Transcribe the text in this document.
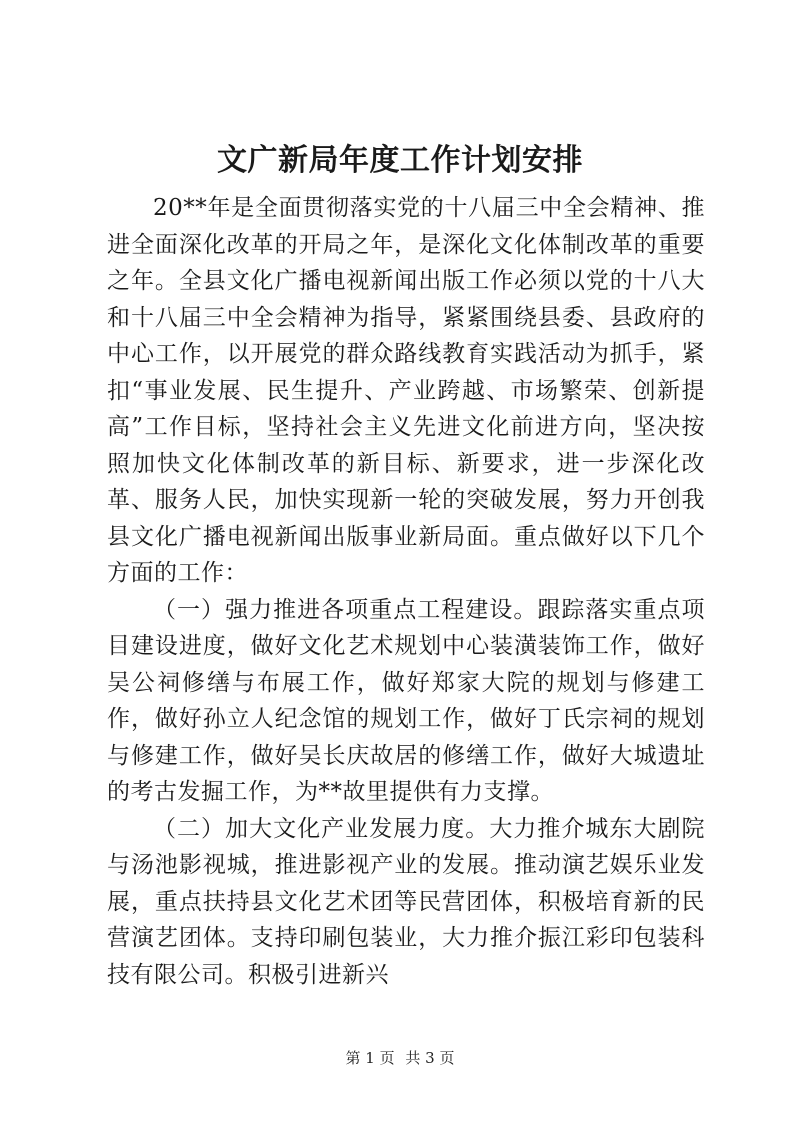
文广新局年度工作计划安排

20**年是全面贯彻落实党的十八届三中全会精神、推进全面深化改革的开局之年，是深化文化体制改革的重要之年。全县文化广播电视新闻出版工作必须以党的十八大和十八届三中全会精神为指导，紧紧围绕县委、县政府的中心工作，以开展党的群众路线教育实践活动为抓手，紧扣“事业发展、民生提升、产业跨越、市场繁荣、创新提高”工作目标，坚持社会主义先进文化前进方向，坚决按照加快文化体制改革的新目标、新要求，进一步深化改革、服务人民，加快实现新一轮的突破发展，努力开创我县文化广播电视新闻出版事业新局面。重点做好以下几个方面的工作：

（一）强力推进各项重点工程建设。跟踪落实重点项目建设进度，做好文化艺术规划中心装潢装饰工作，做好吴公祠修缮与布展工作，做好郑家大院的规划与修建工作，做好孙立人纪念馆的规划工作，做好丁氏宗祠的规划与修建工作，做好吴长庆故居的修缮工作，做好大城遗址的考古发掘工作，为**故里提供有力支撑。

（二）加大文化产业发展力度。大力推介城东大剧院与汤池影视城，推进影视产业的发展。推动演艺娱乐业发展，重点扶持县文化艺术团等民营团体，积极培育新的民营演艺团体。支持印刷包装业，大力推介振江彩印包装科技有限公司。积极引进新兴

第 1 页 共 3 页
